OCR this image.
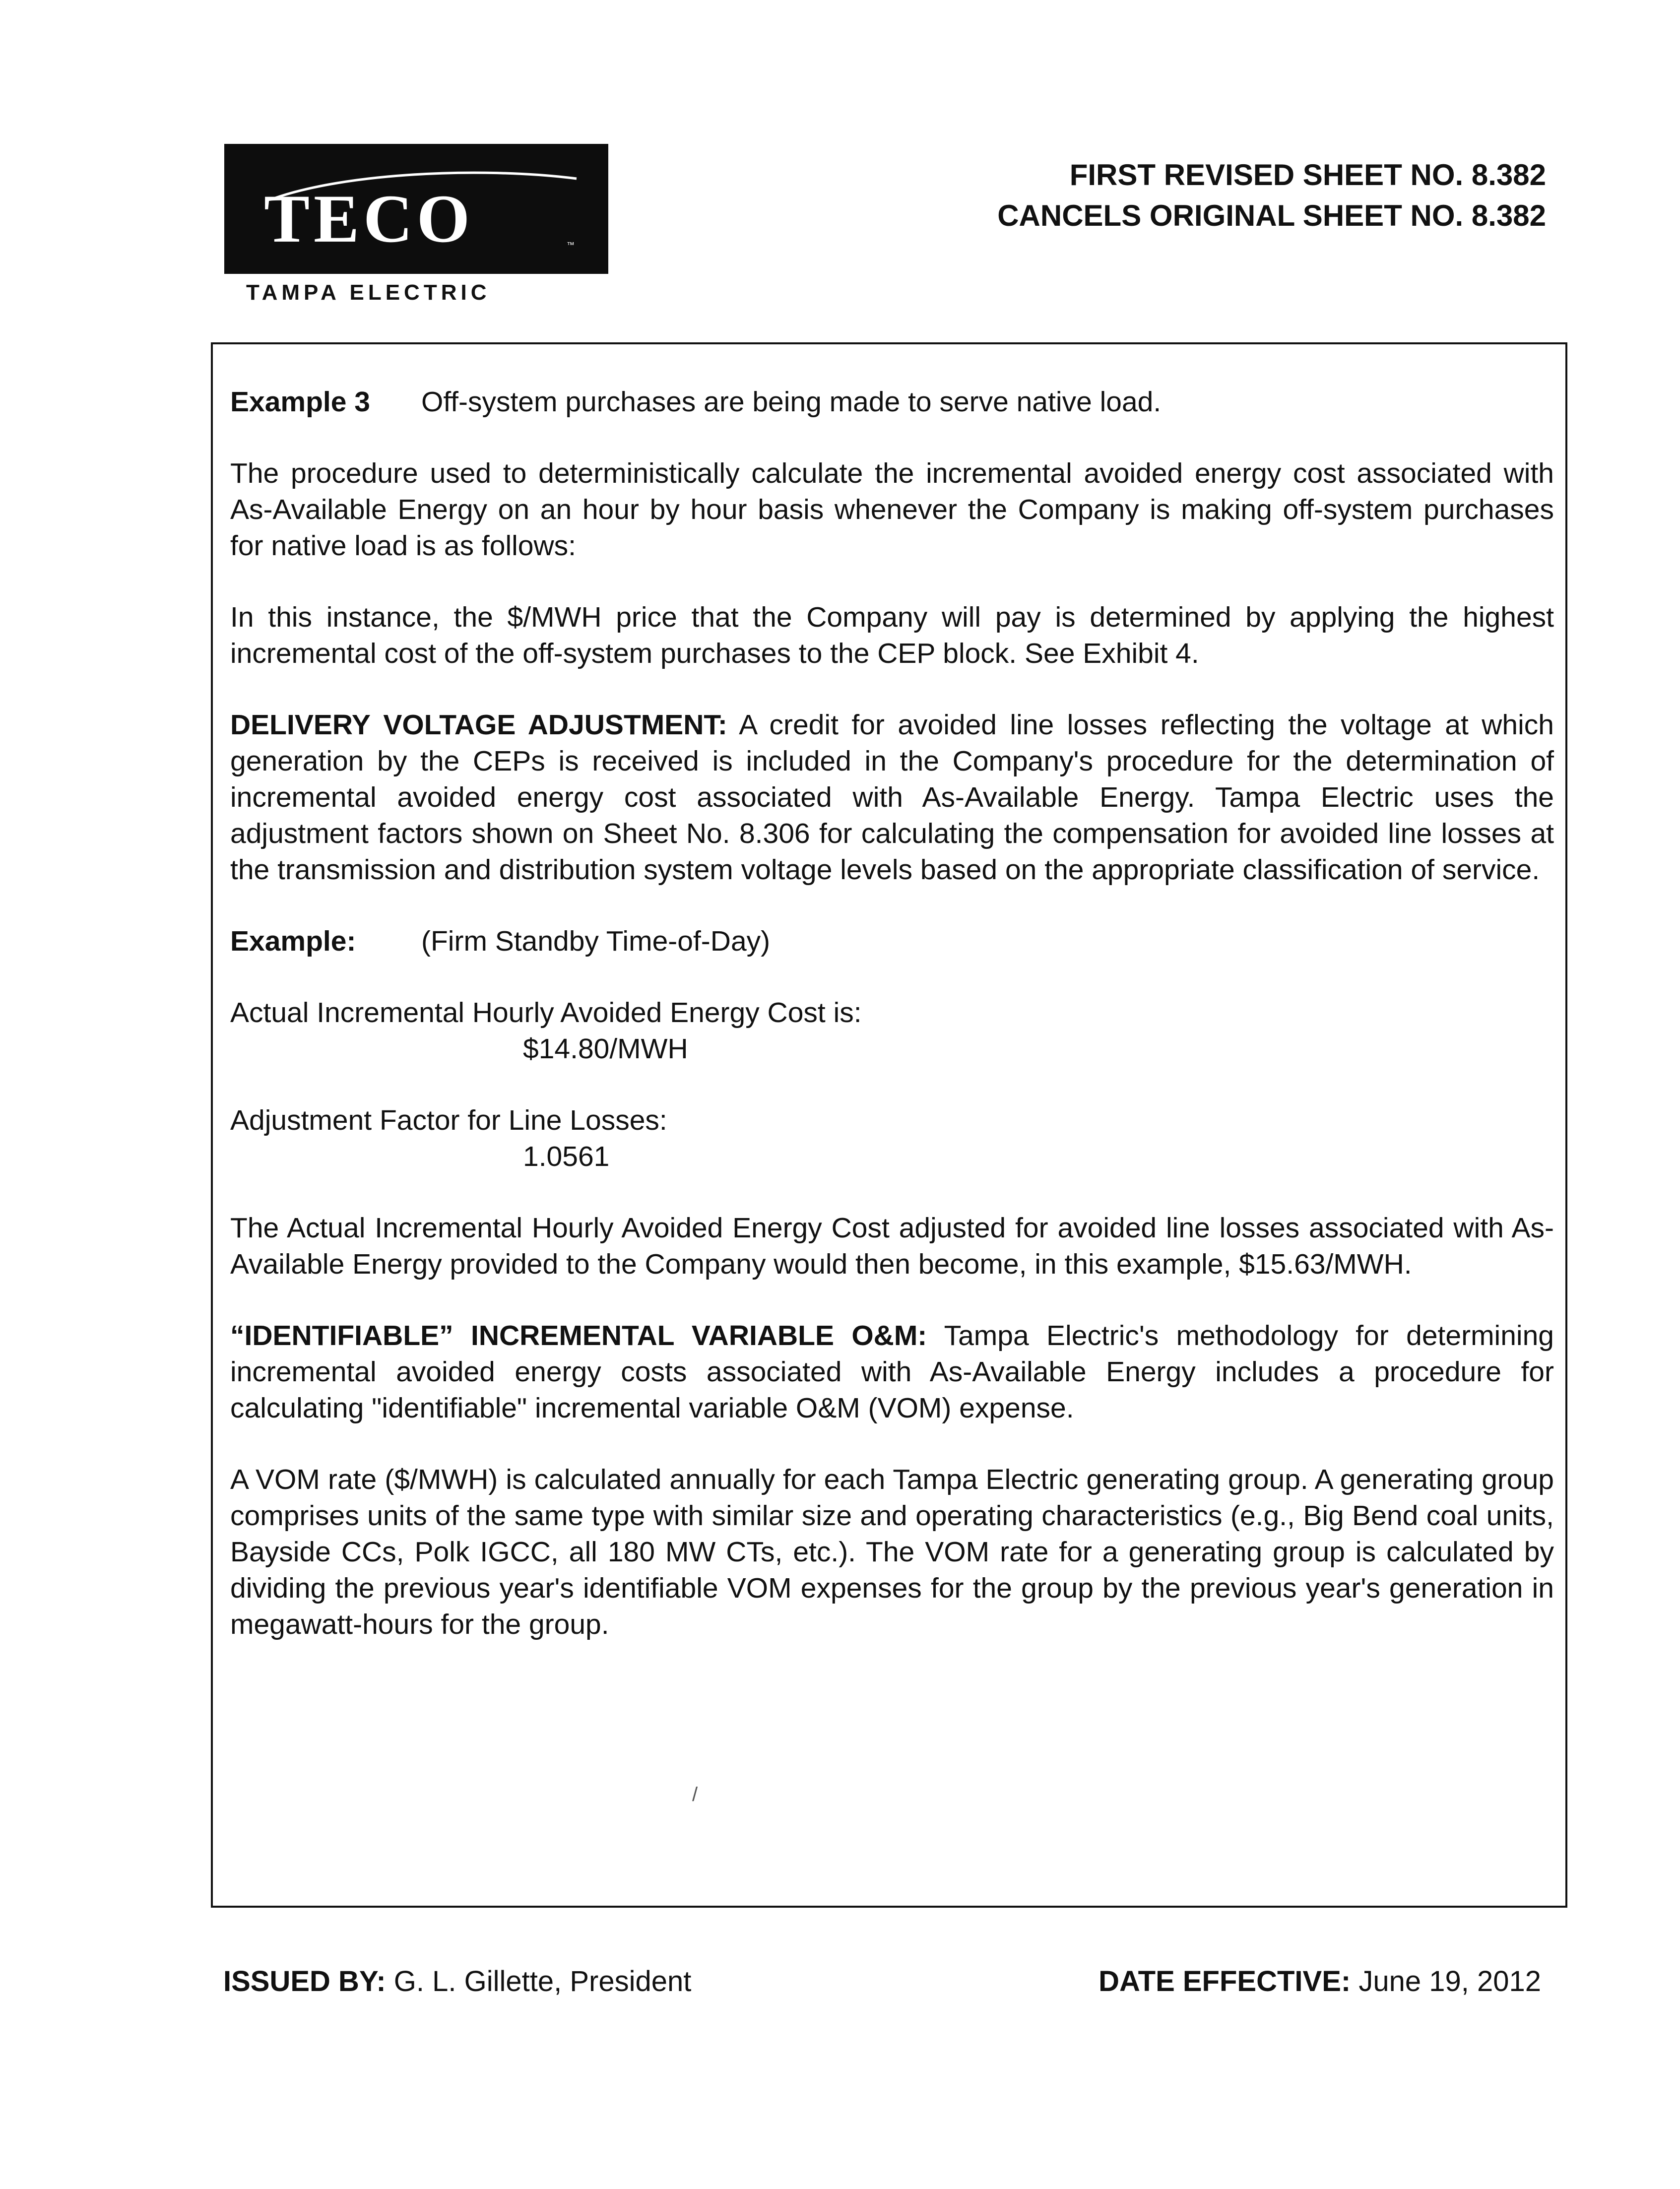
TECO	™
TAMPA ELECTRIC
FIRST REVISED SHEET NO. 8.382
CANCELS ORIGINAL SHEET NO. 8.382

Example 3	Off-system purchases are being made to serve native load.

The procedure used to deterministically calculate the incremental avoided energy cost associated with As-Available Energy on an hour by hour basis whenever the Company is making off-system purchases for native load is as follows:

In this instance, the $/MWH price that the Company will pay is determined by applying the highest incremental cost of the off-system purchases to the CEP block. See Exhibit 4.

DELIVERY VOLTAGE ADJUSTMENT: A credit for avoided line losses reflecting the voltage at which generation by the CEPs is received is included in the Company's procedure for the determination of incremental avoided energy cost associated with As-Available Energy. Tampa Electric uses the adjustment factors shown on Sheet No. 8.306 for calculating the compensation for avoided line losses at the transmission and distribution system voltage levels based on the appropriate classification of service.

Example:	(Firm Standby Time-of-Day)

Actual Incremental Hourly Avoided Energy Cost is:
$14.80/MWH

Adjustment Factor for Line Losses:
1.0561

The Actual Incremental Hourly Avoided Energy Cost adjusted for avoided line losses associated with As-Available Energy provided to the Company would then become, in this example, $15.63/MWH.

“IDENTIFIABLE” INCREMENTAL VARIABLE O&M: Tampa Electric's methodology for determining incremental avoided energy costs associated with As-Available Energy includes a procedure for calculating "identifiable" incremental variable O&M (VOM) expense.

A VOM rate ($/MWH) is calculated annually for each Tampa Electric generating group. A generating group comprises units of the same type with similar size and operating characteristics (e.g., Big Bend coal units, Bayside CCs, Polk IGCC, all 180 MW CTs, etc.). The VOM rate for a generating group is calculated by dividing the previous year's identifiable VOM expenses for the group by the previous year's generation in megawatt-hours for the group.

/
ISSUED BY: G. L. Gillette, President	DATE EFFECTIVE: June 19, 2012
